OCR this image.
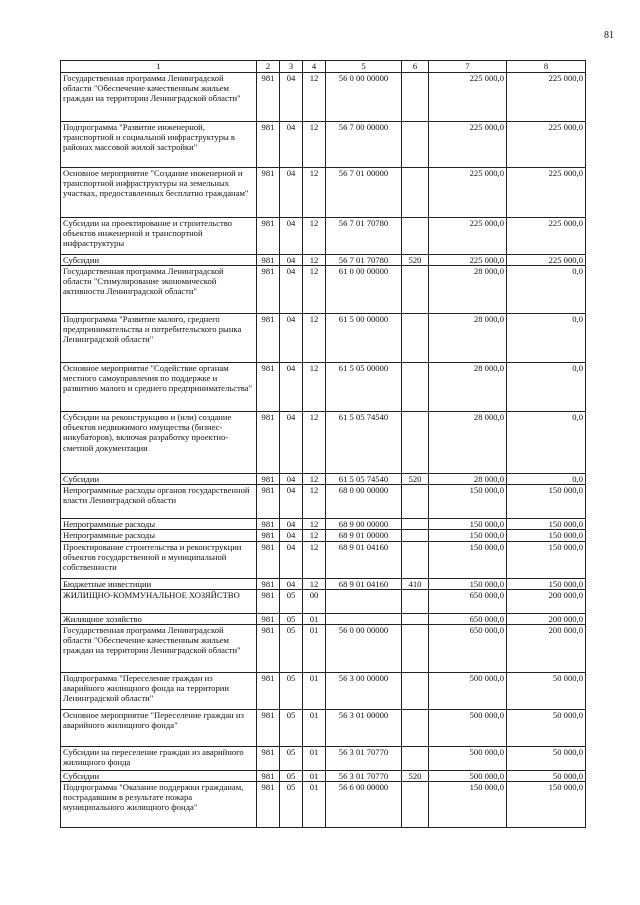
81
1	2	3	4	5	6	7	8
Государственная программа Ленинградской области "Обеспечение качественным жильем граждан на территории Ленинградской области"	981	04	12	56 0 00 00000		225 000,0	225 000,0
Подпрограмма "Развитие инженерной, транспортной и социальной инфраструктуры в районах массовой жилой застройки"	981	04	12	56 7 00 00000		225 000,0	225 000,0
Основное мероприятие "Создание инженерной и транспортной инфраструктуры на земельных участках, предоставленных бесплатно гражданам"	981	04	12	56 7 01 00000		225 000,0	225 000,0
Субсидии на проектирование и строительство объектов инженерной и транспортной инфраструктуры	981	04	12	56 7 01 70780		225 000,0	225 000,0
Субсидии	981	04	12	56 7 01 70780	520	225 000,0	225 000,0
Государственная программа Ленинградской области "Стимулирование экономической активности Ленинградской области"	981	04	12	61 0 00 00000		28 000,0	0,0
Подпрограмма "Развитие малого, среднего предпринимательства и потребительского рынка Ленинградской области"	981	04	12	61 5 00 00000		28 000,0	0,0
Основное мероприятие "Содействие органам местного самоуправления по поддержке и развитию малого и среднего предпринимательства"	981	04	12	61 5 05 00000		28 000,0	0,0
Субсидии на реконструкцию и (или) создание объектов недвижимого имущества (бизнес-инкубаторов), включая разработку проектно-сметной документации	981	04	12	61 5 05 74540		28 000,0	0,0
Субсидии	981	04	12	61 5 05 74540	520	28 000,0	0,0
Непрограммные расходы органов государственной власти Ленинградской области	981	04	12	68 0 00 00000		150 000,0	150 000,0
Непрограммные расходы	981	04	12	68 9 00 00000		150 000,0	150 000,0
Непрограммные расходы	981	04	12	68 9 01 00000		150 000,0	150 000,0
Проектирование строительства и реконструкции объектов государственной и муниципальной собственности	981	04	12	68 9 01 04160		150 000,0	150 000,0
Бюджетные инвестиции	981	04	12	68 9 01 04160	410	150 000,0	150 000,0
ЖИЛИЩНО-КОММУНАЛЬНОЕ ХОЗЯЙСТВО	981	05	00			650 000,0	200 000,0
Жилищное хозяйство	981	05	01			650 000,0	200 000,0
Государственная программа Ленинградской области "Обеспечение качественным жильем граждан на территории Ленинградской области"	981	05	01	56 0 00 00000		650 000,0	200 000,0
Подпрограмма "Переселение граждан из аварийного жилищного фонда на территории Ленинградской области"	981	05	01	56 3 00 00000		500 000,0	50 000,0
Основное мероприятие "Переселение граждан из аварийного жилищного фонда"	981	05	01	56 3 01 00000		500 000,0	50 000,0
Субсидии на переселение граждан из аварийного жилищного фонда	981	05	01	56 3 01 70770		500 000,0	50 000,0
Субсидии	981	05	01	56 3 01 70770	520	500 000,0	50 000,0
Подпрограмма "Оказание поддержки гражданам, пострадавшим в результате пожара муниципального жилищного фонда"	981	05	01	56 6 00 00000		150 000,0	150 000,0
